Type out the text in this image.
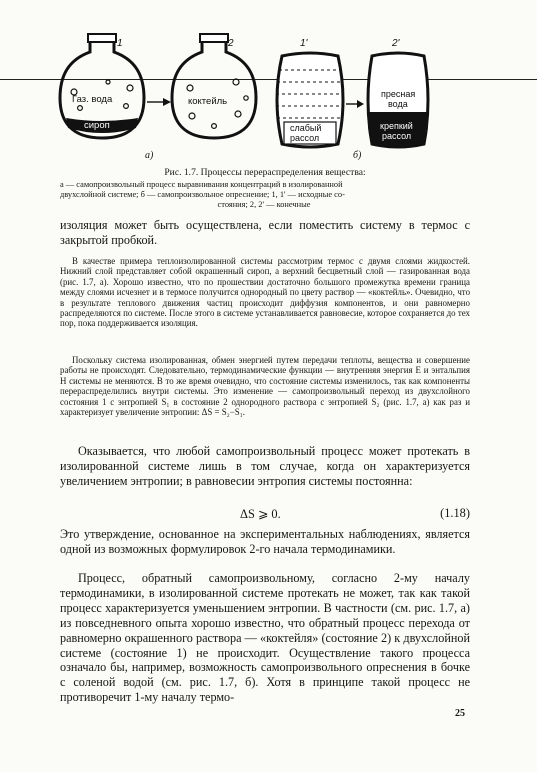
Газ. вода
сироп
1
коктейль
2
слабый
рассол
1'
пресная
вода
крепкий
рассол
2'
а)	б)
Рис. 1.7. Процессы перераспределения вещества:
а — самопроизвольный процесс выравнивания концентраций в изолированной
двухслойной системе; б — самопроизвольное опреснение; 1, 1' — исходные со-
стояния; 2, 2' — конечные

изоляция может быть осуществлена, если поместить систему в термос с закрытой пробкой.

В качестве примера теплоизолированной системы рассмотрим термос с двумя слоями жидкостей. Нижний слой представляет собой окрашенный сироп, а верхний бесцветный слой — газированная вода (рис. 1.7, а). Хорошо известно, что по прошествии достаточно большого промежутка времени граница между слоями исчезнет и в термосе получится однородный по цвету раствор — «коктейль». Очевидно, что в результате теплового движения частиц происходит диффузия компонентов, и они равномерно распределяются по системе. После этого в системе устанавливается равновесие, которое сохраняется до тех пор, пока поддерживается изоляция.

Поскольку система изолированная, обмен энергией путем передачи теплоты, вещества и совершение работы не происходят. Следовательно, термодинамические функции — внутренняя энергия E и энтальпия H системы не меняются. В то же время очевидно, что состояние системы изменилось, так как компоненты перераспределились внутри системы. Это изменение — самопроизвольный переход из двухслойного состояния 1 с энтропией S₁ в состояние 2 однородного раствора с энтропией S₂ (рис. 1.7, а) как раз и характеризует увеличение энтропии: ΔS = S₂−S₁.

Оказывается, что любой самопроизвольный процесс может протекать в изолированной системе лишь в том случае, когда он характеризуется увеличением энтропии; в равновесии энтропия системы постоянна:

ΔS ⩾ 0.	(1.18)

Это утверждение, основанное на экспериментальных наблюдениях, является одной из возможных формулировок 2-го начала термодинамики.

Процесс, обратный самопроизвольному, согласно 2-му началу термодинамики, в изолированной системе протекать не может, так как такой процесс характеризуется уменьшением энтропии. В частности (см. рис. 1.7, а) из повседневного опыта хорошо известно, что обратный процесс перехода от равномерно окрашенного раствора — «коктейля» (состояние 2) к двухслойной системе (состояние 1) не происходит. Осуществление такого процесса означало бы, например, возможность самопроизвольного опреснения в бочке с соленой водой (см. рис. 1.7, б). Хотя в принципе такой процесс не противоречит 1-му началу термо-

25
